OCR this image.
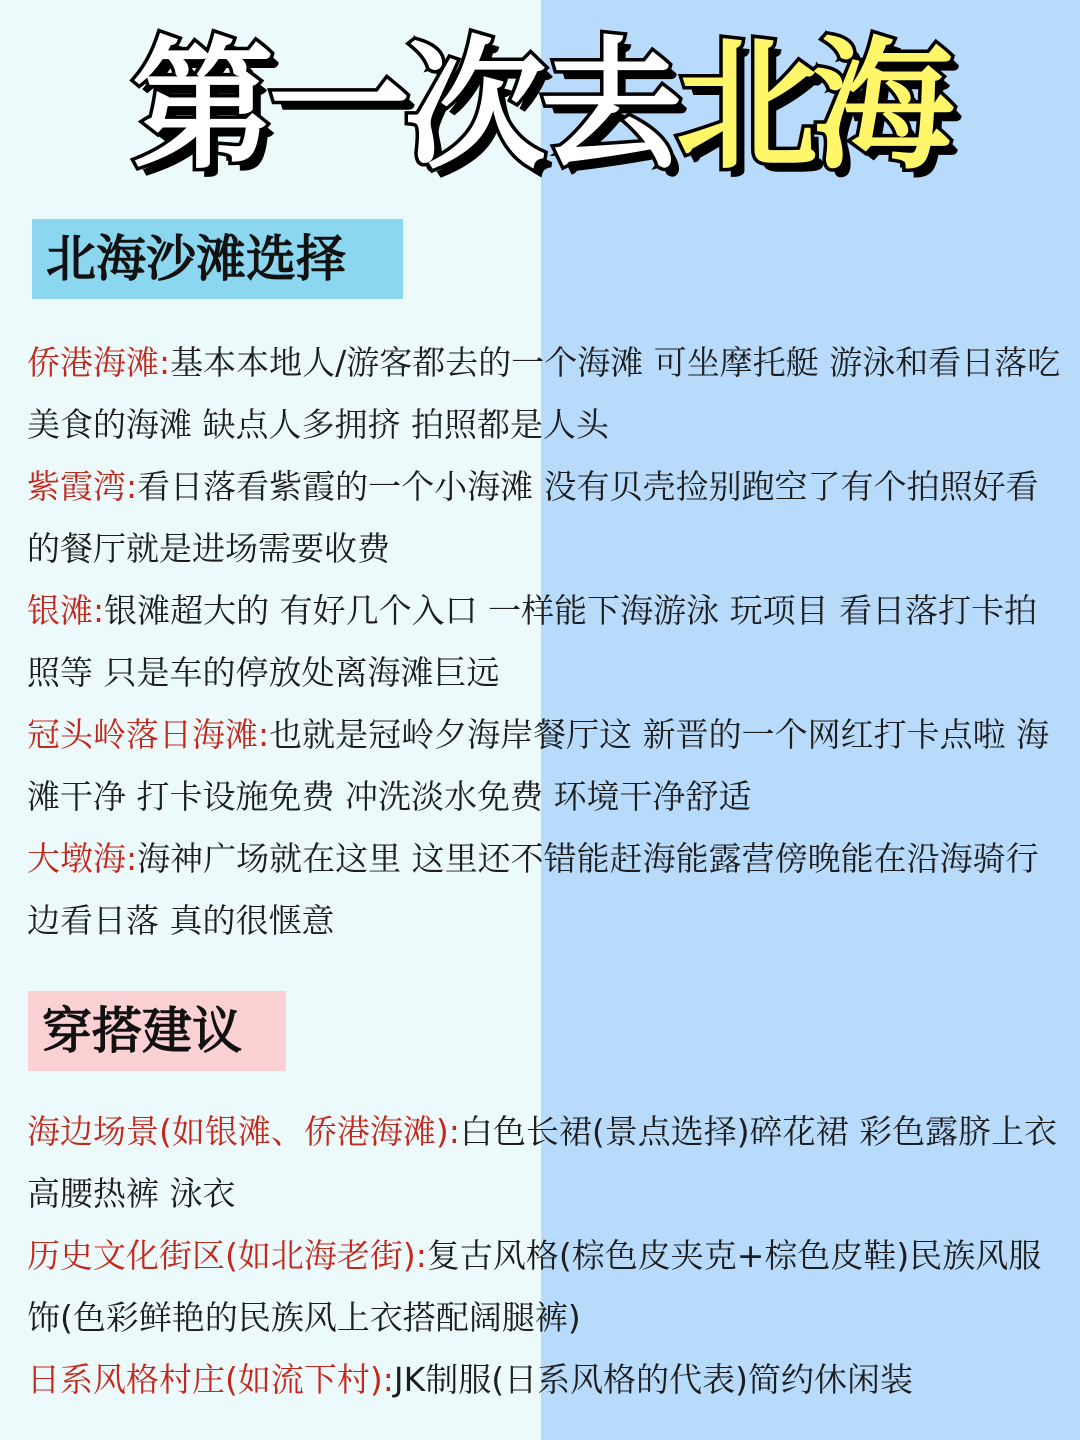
第一次去北海
北海沙滩选择

侨港海滩:基本本地人/游客都去的一个海滩 可坐摩托艇 游泳和看日落吃美食的海滩 缺点人多拥挤 拍照都是人头

紫霞湾:看日落看紫霞的一个小海滩 没有贝壳捡别跑空了有个拍照好看的餐厅就是进场需要收费

银滩:银滩超大的 有好几个入口 一样能下海游泳 玩项目 看日落打卡拍照等 只是车的停放处离海滩巨远

冠头岭落日海滩:也就是冠岭夕海岸餐厅这 新晋的一个网红打卡点啦 海滩干净 打卡设施免费 冲洗淡水免费 环境干净舒适

大墩海:海神广场就在这里 这里还不错能赶海能露营傍晚能在沿海骑行边看日落 真的很惬意

穿搭建议

海边场景(如银滩、侨港海滩):白色长裙(景点选择)碎花裙 彩色露脐上衣 高腰热裤 泳衣

历史文化街区(如北海老街):复古风格(棕色皮夹克+棕色皮鞋)民族风服饰(色彩鲜艳的民族风上衣搭配阔腿裤)

日系风格村庄(如流下村):JK制服(日系风格的代表)简约休闲装
